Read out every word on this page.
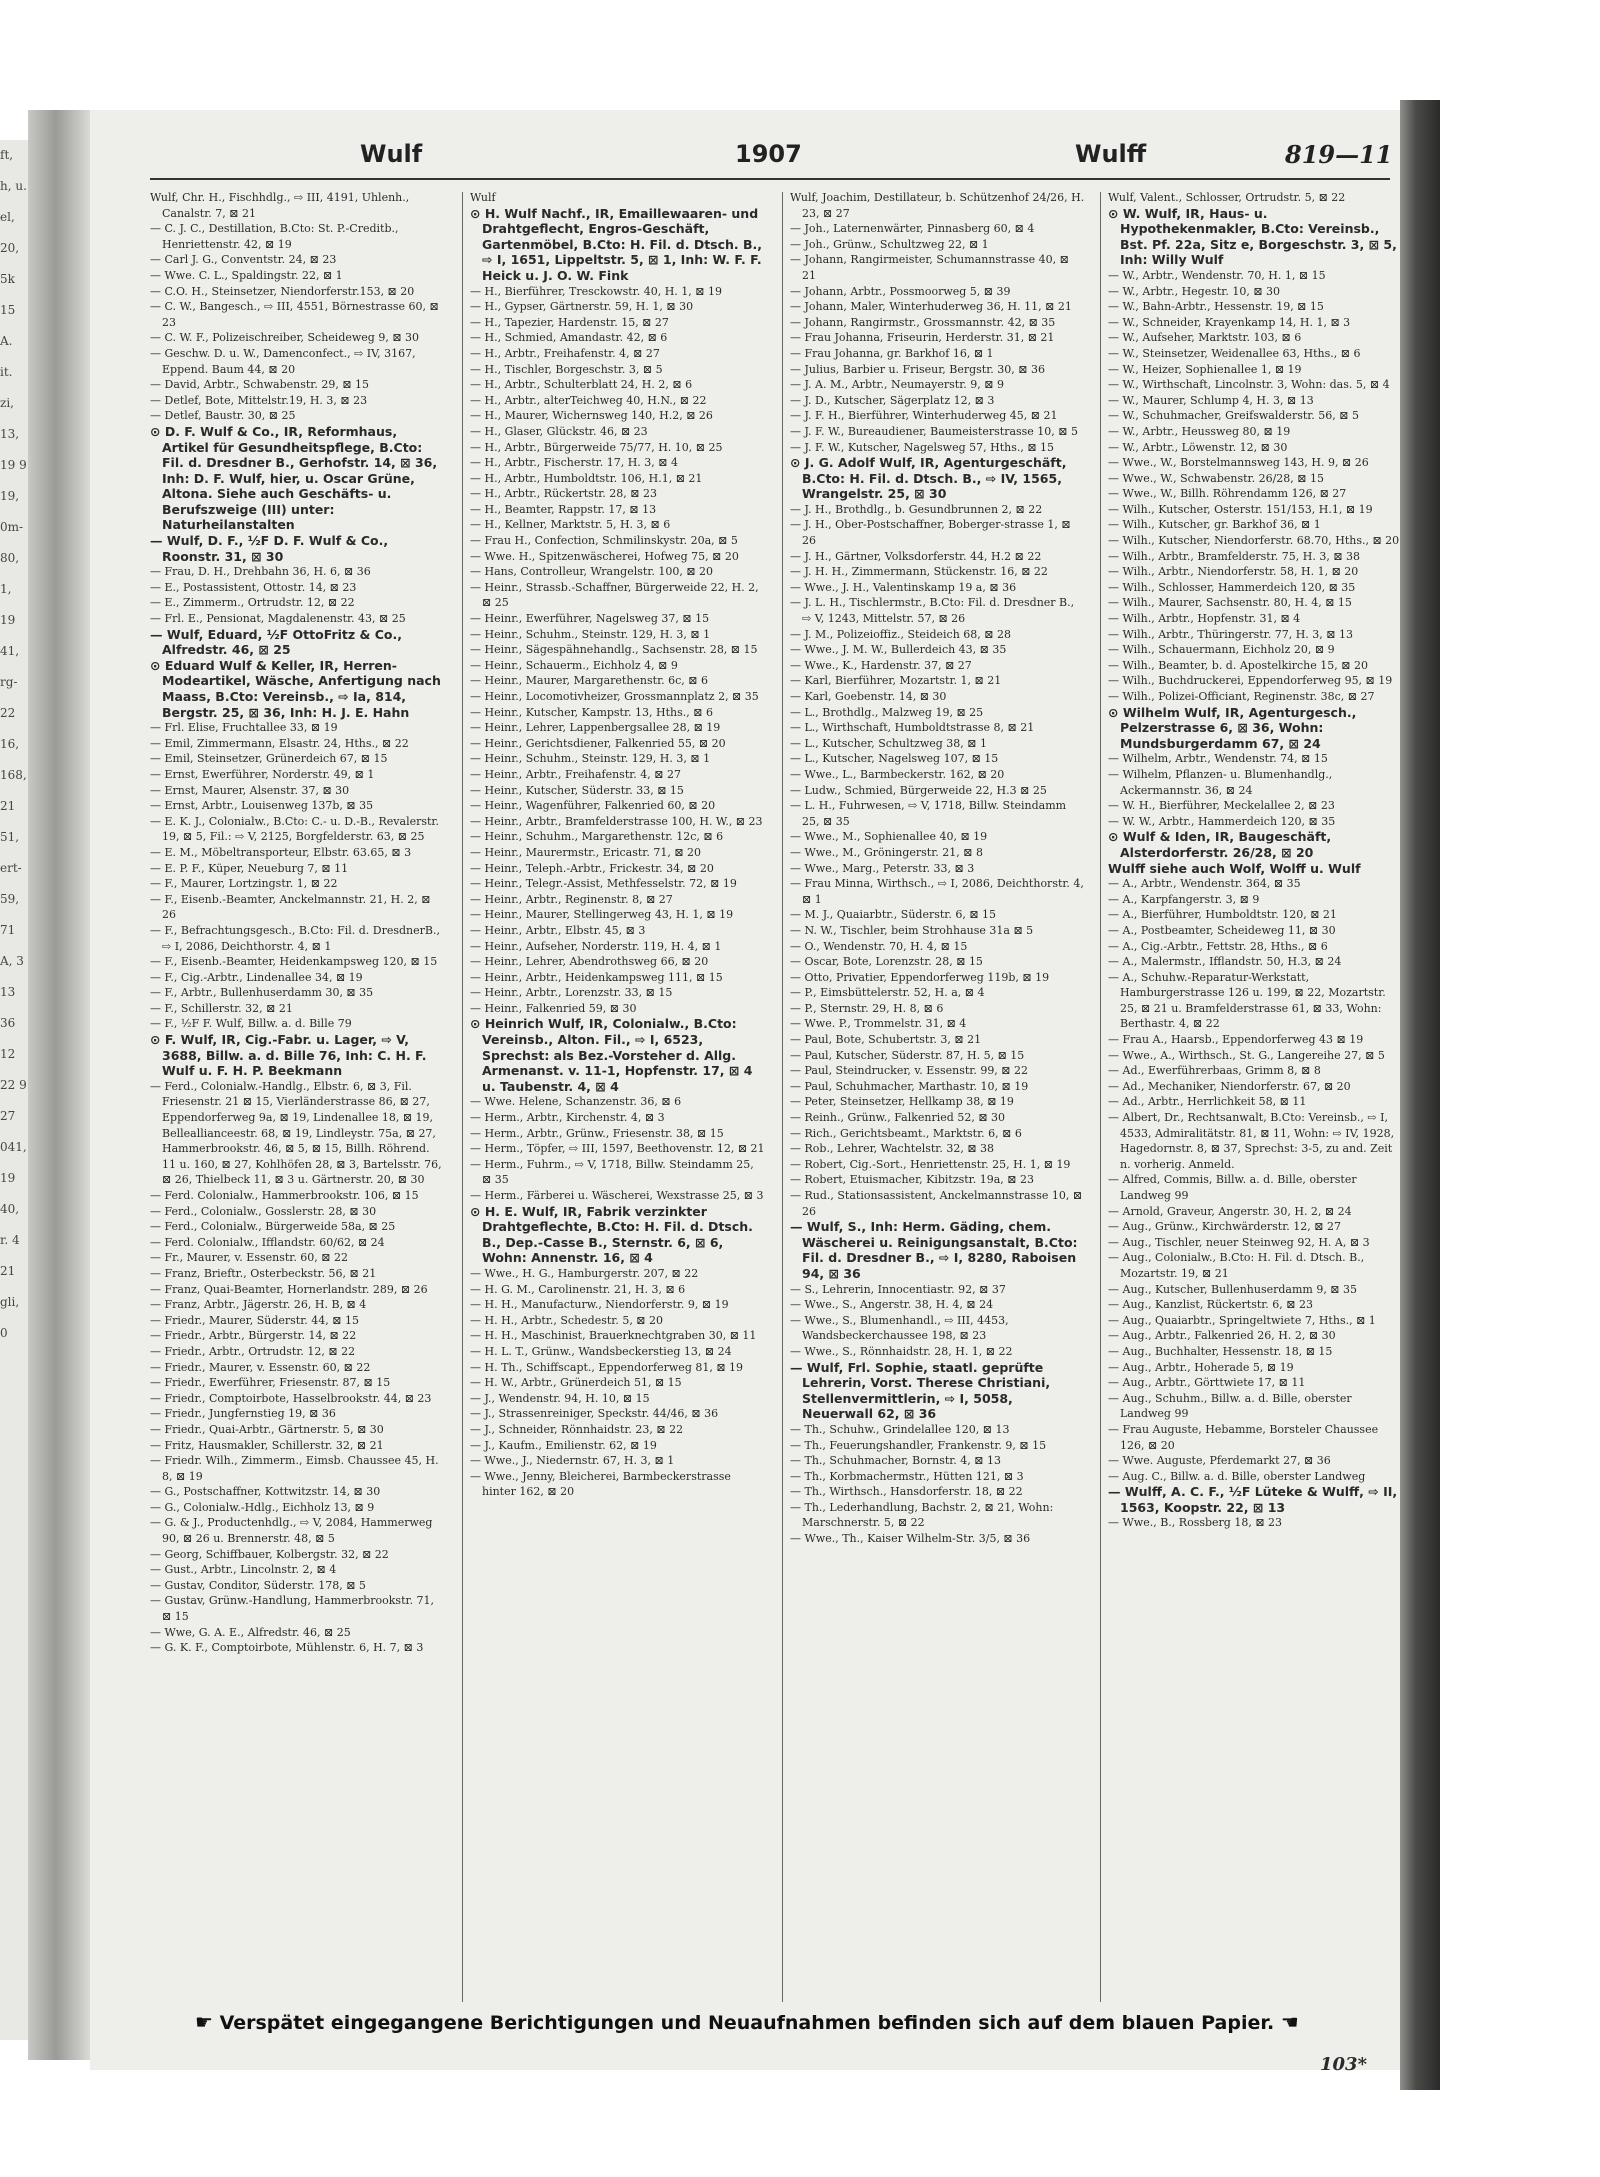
ft, h, u. el, 20, 5k 15 A. it. zi, 13, 19 9 19, 0m- 80, 1, 19 41, rg- 22 16, 168, 21 51, ert- 59, 71 A, 3 13 36 12 22 9 27 041, 19 40, r. 4 21 gli, 0
Wulf	1907	Wulff	819—11

Wulf, Chr. H., Fischhdlg., ⇨ III, 4191, Uhlenh., Canalstr. 7, ⊠ 21

— C. J. C., Destillation, B.Cto: St. P.-Creditb., Henriettenstr. 42, ⊠ 19

— Carl J. G., Conventstr. 24, ⊠ 23

— Wwe. C. L., Spaldingstr. 22, ⊠ 1

— C.O. H., Steinsetzer, Niendorferstr.153, ⊠ 20

— C. W., Bangesch., ⇨ III, 4551, Börnestrasse 60, ⊠ 23

— C. W. F., Polizeischreiber, Scheideweg 9, ⊠ 30

— Geschw. D. u. W., Damenconfect., ⇨ IV, 3167, Eppend. Baum 44, ⊠ 20

— David, Arbtr., Schwabenstr. 29, ⊠ 15

— Detlef, Bote, Mittelstr.19, H. 3, ⊠ 23

— Detlef, Baustr. 30, ⊠ 25

⊙ D. F. Wulf & Co., IR, Reformhaus, Artikel für Gesundheitspflege, B.Cto: Fil. d. Dresdner B., Gerhofstr. 14, ⊠ 36, Inh: D. F. Wulf, hier, u. Oscar Grüne, Altona. Siehe auch Geschäfts- u. Berufszweige (III) unter: Naturheilanstalten

— Wulf, D. F., ½F D. F. Wulf & Co., Roonstr. 31, ⊠ 30

— Frau, D. H., Drehbahn 36, H. 6, ⊠ 36

— E., Postassistent, Ottostr. 14, ⊠ 23

— E., Zimmerm., Ortrudstr. 12, ⊠ 22

— Frl. E., Pensionat, Magdalenenstr. 43, ⊠ 25

— Wulf, Eduard, ½F OttoFritz & Co., Alfredstr. 46, ⊠ 25

⊙ Eduard Wulf & Keller, IR, Herren-Modeartikel, Wäsche, Anfertigung nach Maass, B.Cto: Vereinsb., ⇨ Ia, 814, Bergstr. 25, ⊠ 36, Inh: H. J. E. Hahn

— Frl. Elise, Fruchtallee 33, ⊠ 19

— Emil, Zimmermann, Elsastr. 24, Hths., ⊠ 22

— Emil, Steinsetzer, Grünerdeich 67, ⊠ 15

— Ernst, Ewerführer, Norderstr. 49, ⊠ 1

— Ernst, Maurer, Alsenstr. 37, ⊠ 30

— Ernst, Arbtr., Louisenweg 137b, ⊠ 35

— E. K. J., Colonialw., B.Cto: C.- u. D.-B., Revalerstr. 19, ⊠ 5, Fil.: ⇨ V, 2125, Borgfelderstr. 63, ⊠ 25

— E. M., Möbeltransporteur, Elbstr. 63.65, ⊠ 3

— E. P. F., Küper, Neueburg 7, ⊠ 11

— F., Maurer, Lortzingstr. 1, ⊠ 22

— F., Eisenb.-Beamter, Anckelmannstr. 21, H. 2, ⊠ 26

— F., Befrachtungsgesch., B.Cto: Fil. d. DresdnerB., ⇨ I, 2086, Deichthorstr. 4, ⊠ 1

— F., Eisenb.-Beamter, Heidenkampsweg 120, ⊠ 15

— F., Cig.-Arbtr., Lindenallee 34, ⊠ 19

— F., Arbtr., Bullenhuserdamm 30, ⊠ 35

— F., Schillerstr. 32, ⊠ 21

— F., ½F F. Wulf, Billw. a. d. Bille 79

⊙ F. Wulf, IR, Cig.-Fabr. u. Lager, ⇨ V, 3688, Billw. a. d. Bille 76, Inh: C. H. F. Wulf u. F. H. P. Beekmann

— Ferd., Colonialw.-Handlg., Elbstr. 6, ⊠ 3, Fil. Friesenstr. 21 ⊠ 15, Vierländerstrasse 86, ⊠ 27, Eppendorferweg 9a, ⊠ 19, Lindenallee 18, ⊠ 19, Belleallianceestr. 68, ⊠ 19, Lindleystr. 75a, ⊠ 27, Hammerbrookstr. 46, ⊠ 5, ⊠ 15, Billh. Röhrend. 11 u. 160, ⊠ 27, Kohlhöfen 28, ⊠ 3, Bartelsstr. 76, ⊠ 26, Thielbeck 11, ⊠ 3 u. Gärtnerstr. 20, ⊠ 30

— Ferd. Colonialw., Hammerbrookstr. 106, ⊠ 15

— Ferd., Colonialw., Gosslerstr. 28, ⊠ 30

— Ferd., Colonialw., Bürgerweide 58a, ⊠ 25

— Ferd. Colonialw., Ifflandstr. 60/62, ⊠ 24

— Fr., Maurer, v. Essenstr. 60, ⊠ 22

— Franz, Brieftr., Osterbeckstr. 56, ⊠ 21

— Franz, Quai-Beamter, Hornerlandstr. 289, ⊠ 26

— Franz, Arbtr., Jägerstr. 26, H. B, ⊠ 4

— Friedr., Maurer, Süderstr. 44, ⊠ 15

— Friedr., Arbtr., Bürgerstr. 14, ⊠ 22

— Friedr., Arbtr., Ortrudstr. 12, ⊠ 22

— Friedr., Maurer, v. Essenstr. 60, ⊠ 22

— Friedr., Ewerführer, Friesenstr. 87, ⊠ 15

— Friedr., Comptoirbote, Hasselbrookstr. 44, ⊠ 23

— Friedr., Jungfernstieg 19, ⊠ 36

— Friedr., Quai-Arbtr., Gärtnerstr. 5, ⊠ 30

— Fritz, Hausmakler, Schillerstr. 32, ⊠ 21

— Friedr. Wilh., Zimmerm., Eimsb. Chaussee 45, H. 8, ⊠ 19

— G., Postschaffner, Kottwitzstr. 14, ⊠ 30

— G., Colonialw.-Hdlg., Eichholz 13, ⊠ 9

— G. & J., Productenhdlg., ⇨ V, 2084, Hammerweg 90, ⊠ 26 u. Brennerstr. 48, ⊠ 5

— Georg, Schiffbauer, Kolbergstr. 32, ⊠ 22

— Gust., Arbtr., Lincolnstr. 2, ⊠ 4

— Gustav, Conditor, Süderstr. 178, ⊠ 5

— Gustav, Grünw.-Handlung, Hammerbrookstr. 71, ⊠ 15

— Wwe, G. A. E., Alfredstr. 46, ⊠ 25

— G. K. F., Comptoirbote, Mühlenstr. 6, H. 7, ⊠ 3

Wulf

⊙ H. Wulf Nachf., IR, Emaillewaaren- und Drahtgeflecht, Engros-Geschäft, Gartenmöbel, B.Cto: H. Fil. d. Dtsch. B., ⇨ I, 1651, Lippeltstr. 5, ⊠ 1, Inh: W. F. F. Heick u. J. O. W. Fink

— H., Bierführer, Tresckowstr. 40, H. 1, ⊠ 19

— H., Gypser, Gärtnerstr. 59, H. 1, ⊠ 30

— H., Tapezier, Hardenstr. 15, ⊠ 27

— H., Schmied, Amandastr. 42, ⊠ 6

— H., Arbtr., Freihafenstr. 4, ⊠ 27

— H., Tischler, Borgeschstr. 3, ⊠ 5

— H., Arbtr., Schulterblatt 24, H. 2, ⊠ 6

— H., Arbtr., alterTeichweg 40, H.N., ⊠ 22

— H., Maurer, Wichernsweg 140, H.2, ⊠ 26

— H., Glaser, Glückstr. 46, ⊠ 23

— H., Arbtr., Bürgerweide 75/77, H. 10, ⊠ 25

— H., Arbtr., Fischerstr. 17, H. 3, ⊠ 4

— H., Arbtr., Humboldtstr. 106, H.1, ⊠ 21

— H., Arbtr., Rückertstr. 28, ⊠ 23

— H., Beamter, Rappstr. 17, ⊠ 13

— H., Kellner, Marktstr. 5, H. 3, ⊠ 6

— Frau H., Confection, Schmilinskystr. 20a, ⊠ 5

— Wwe. H., Spitzenwäscherei, Hofweg 75, ⊠ 20

— Hans, Controlleur, Wrangelstr. 100, ⊠ 20

— Heinr., Strassb.-Schaffner, Bürgerweide 22, H. 2, ⊠ 25

— Heinr., Ewerführer, Nagelsweg 37, ⊠ 15

— Heinr., Schuhm., Steinstr. 129, H. 3, ⊠ 1

— Heinr., Sägespähnehandlg., Sachsenstr. 28, ⊠ 15

— Heinr., Schauerm., Eichholz 4, ⊠ 9

— Heinr., Maurer, Margarethenstr. 6c, ⊠ 6

— Heinr., Locomotivheizer, Grossmannplatz 2, ⊠ 35

— Heinr., Kutscher, Kampstr. 13, Hths., ⊠ 6

— Heinr., Lehrer, Lappenbergsallee 28, ⊠ 19

— Heinr., Gerichtsdiener, Falkenried 55, ⊠ 20

— Heinr., Schuhm., Steinstr. 129, H. 3, ⊠ 1

— Heinr., Arbtr., Freihafenstr. 4, ⊠ 27

— Heinr., Kutscher, Süderstr. 33, ⊠ 15

— Heinr., Wagenführer, Falkenried 60, ⊠ 20

— Heinr., Arbtr., Bramfelderstrasse 100, H. W., ⊠ 23

— Heinr., Schuhm., Margarethenstr. 12c, ⊠ 6

— Heinr., Maurermstr., Ericastr. 71, ⊠ 20

— Heinr., Teleph.-Arbtr., Frickestr. 34, ⊠ 20

— Heinr., Telegr.-Assist, Methfesselstr. 72, ⊠ 19

— Heinr., Arbtr., Reginenstr. 8, ⊠ 27

— Heinr., Maurer, Stellingerweg 43, H. 1, ⊠ 19

— Heinr., Arbtr., Elbstr. 45, ⊠ 3

— Heinr., Aufseher, Norderstr. 119, H. 4, ⊠ 1

— Heinr., Lehrer, Abendrothsweg 66, ⊠ 20

— Heinr., Arbtr., Heidenkampsweg 111, ⊠ 15

— Heinr., Arbtr., Lorenzstr. 33, ⊠ 15

— Heinr., Falkenried 59, ⊠ 30

⊙ Heinrich Wulf, IR, Colonialw., B.Cto: Vereinsb., Alton. Fil., ⇨ I, 6523, Sprechst: als Bez.-Vorsteher d. Allg. Armenanst. v. 11-1, Hopfenstr. 17, ⊠ 4 u. Taubenstr. 4, ⊠ 4

— Wwe. Helene, Schanzenstr. 36, ⊠ 6

— Herm., Arbtr., Kirchenstr. 4, ⊠ 3

— Herm., Arbtr., Grünw., Friesenstr. 38, ⊠ 15

— Herm., Töpfer, ⇨ III, 1597, Beethovenstr. 12, ⊠ 21

— Herm., Fuhrm., ⇨ V, 1718, Billw. Steindamm 25, ⊠ 35

— Herm., Färberei u. Wäscherei, Wexstrasse 25, ⊠ 3

⊙ H. E. Wulf, IR, Fabrik verzinkter Drahtgeflechte, B.Cto: H. Fil. d. Dtsch. B., Dep.-Casse B., Sternstr. 6, ⊠ 6, Wohn: Annenstr. 16, ⊠ 4

— Wwe., H. G., Hamburgerstr. 207, ⊠ 22

— H. G. M., Carolinenstr. 21, H. 3, ⊠ 6

— H. H., Manufacturw., Niendorferstr. 9, ⊠ 19

— H. H., Arbtr., Schedestr. 5, ⊠ 20

— H. H., Maschinist, Brauerknechtgraben 30, ⊠ 11

— H. L. T., Grünw., Wandsbeckerstieg 13, ⊠ 24

— H. Th., Schiffscapt., Eppendorferweg 81, ⊠ 19

— H. W., Arbtr., Grünerdeich 51, ⊠ 15

— J., Wendenstr. 94, H. 10, ⊠ 15

— J., Strassenreiniger, Speckstr. 44/46, ⊠ 36

— J., Schneider, Rönnhaidstr. 23, ⊠ 22

— J., Kaufm., Emilienstr. 62, ⊠ 19

— Wwe., J., Niedernstr. 67, H. 3, ⊠ 1

— Wwe., Jenny, Bleicherei, Barmbeckerstrasse hinter 162, ⊠ 20

Wulf, Joachim, Destillateur, b. Schützenhof 24/26, H. 23, ⊠ 27

— Joh., Laternenwärter, Pinnasberg 60, ⊠ 4

— Joh., Grünw., Schultzweg 22, ⊠ 1

— Johann, Rangirmeister, Schumannstrasse 40, ⊠ 21

— Johann, Arbtr., Possmoorweg 5, ⊠ 39

— Johann, Maler, Winterhuderweg 36, H. 11, ⊠ 21

— Johann, Rangirmstr., Grossmannstr. 42, ⊠ 35

— Frau Johanna, Friseurin, Herderstr. 31, ⊠ 21

— Frau Johanna, gr. Barkhof 16, ⊠ 1

— Julius, Barbier u. Friseur, Bergstr. 30, ⊠ 36

— J. A. M., Arbtr., Neumayerstr. 9, ⊠ 9

— J. D., Kutscher, Sägerplatz 12, ⊠ 3

— J. F. H., Bierführer, Winterhuderweg 45, ⊠ 21

— J. F. W., Bureaudiener, Baumeisterstrasse 10, ⊠ 5

— J. F. W., Kutscher, Nagelsweg 57, Hths., ⊠ 15

⊙ J. G. Adolf Wulf, IR, Agenturgeschäft, B.Cto: H. Fil. d. Dtsch. B., ⇨ IV, 1565, Wrangelstr. 25, ⊠ 30

— J. H., Brothdlg., b. Gesundbrunnen 2, ⊠ 22

— J. H., Ober-Postschaffner, Boberger-strasse 1, ⊠ 26

— J. H., Gärtner, Volksdorferstr. 44, H.2 ⊠ 22

— J. H. H., Zimmermann, Stückenstr. 16, ⊠ 22

— Wwe., J. H., Valentinskamp 19 a, ⊠ 36

— J. L. H., Tischlermstr., B.Cto: Fil. d. Dresdner B., ⇨ V, 1243, Mittelstr. 57, ⊠ 26

— J. M., Polizeioffiz., Steideich 68, ⊠ 28

— Wwe., J. M. W., Bullerdeich 43, ⊠ 35

— Wwe., K., Hardenstr. 37, ⊠ 27

— Karl, Bierführer, Mozartstr. 1, ⊠ 21

— Karl, Goebenstr. 14, ⊠ 30

— L., Brothdlg., Malzweg 19, ⊠ 25

— L., Wirthschaft, Humboldtstrasse 8, ⊠ 21

— L., Kutscher, Schultzweg 38, ⊠ 1

— L., Kutscher, Nagelsweg 107, ⊠ 15

— Wwe., L., Barmbeckerstr. 162, ⊠ 20

— Ludw., Schmied, Bürgerweide 22, H.3 ⊠ 25

— L. H., Fuhrwesen, ⇨ V, 1718, Billw. Steindamm 25, ⊠ 35

— Wwe., M., Sophienallee 40, ⊠ 19

— Wwe., M., Gröningerstr. 21, ⊠ 8

— Wwe., Marg., Peterstr. 33, ⊠ 3

— Frau Minna, Wirthsch., ⇨ I, 2086, Deichthorstr. 4, ⊠ 1

— M. J., Quaiarbtr., Süderstr. 6, ⊠ 15

— N. W., Tischler, beim Strohhause 31a ⊠ 5

— O., Wendenstr. 70, H. 4, ⊠ 15

— Oscar, Bote, Lorenzstr. 28, ⊠ 15

— Otto, Privatier, Eppendorferweg 119b, ⊠ 19

— P., Eimsbüttelerstr. 52, H. a, ⊠ 4

— P., Sternstr. 29, H. 8, ⊠ 6

— Wwe. P., Trommelstr. 31, ⊠ 4

— Paul, Bote, Schubertstr. 3, ⊠ 21

— Paul, Kutscher, Süderstr. 87, H. 5, ⊠ 15

— Paul, Steindrucker, v. Essenstr. 99, ⊠ 22

— Paul, Schuhmacher, Marthastr. 10, ⊠ 19

— Peter, Steinsetzer, Hellkamp 38, ⊠ 19

— Reinh., Grünw., Falkenried 52, ⊠ 30

— Rich., Gerichtsbeamt., Marktstr. 6, ⊠ 6

— Rob., Lehrer, Wachtelstr. 32, ⊠ 38

— Robert, Cig.-Sort., Henriettenstr. 25, H. 1, ⊠ 19

— Robert, Etuismacher, Kibitzstr. 19a, ⊠ 23

— Rud., Stationsassistent, Anckelmannstrasse 10, ⊠ 26

— Wulf, S., Inh: Herm. Gäding, chem. Wäscherei u. Reinigungsanstalt, B.Cto: Fil. d. Dresdner B., ⇨ I, 8280, Raboisen 94, ⊠ 36

— S., Lehrerin, Innocentiastr. 92, ⊠ 37

— Wwe., S., Angerstr. 38, H. 4, ⊠ 24

— Wwe., S., Blumenhandl., ⇨ III, 4453, Wandsbeckerchaussee 198, ⊠ 23

— Wwe., S., Rönnhaidstr. 28, H. 1, ⊠ 22

— Wulf, Frl. Sophie, staatl. geprüfte Lehrerin, Vorst. Therese Christiani, Stellenvermittlerin, ⇨ I, 5058, Neuerwall 62, ⊠ 36

— Th., Schuhw., Grindelallee 120, ⊠ 13

— Th., Feuerungshandler, Frankenstr. 9, ⊠ 15

— Th., Schuhmacher, Bornstr. 4, ⊠ 13

— Th., Korbmachermstr., Hütten 121, ⊠ 3

— Th., Wirthsch., Hansdorferstr. 18, ⊠ 22

— Th., Lederhandlung, Bachstr. 2, ⊠ 21, Wohn: Marschnerstr. 5, ⊠ 22

— Wwe., Th., Kaiser Wilhelm-Str. 3/5, ⊠ 36

Wulf, Valent., Schlosser, Ortrudstr. 5, ⊠ 22

⊙ W. Wulf, IR, Haus- u. Hypothekenmakler, B.Cto: Vereinsb., Bst. Pf. 22a, Sitz e, Borgeschstr. 3, ⊠ 5, Inh: Willy Wulf

— W., Arbtr., Wendenstr. 70, H. 1, ⊠ 15

— W., Arbtr., Hegestr. 10, ⊠ 30

— W., Bahn-Arbtr., Hessenstr. 19, ⊠ 15

— W., Schneider, Krayenkamp 14, H. 1, ⊠ 3

— W., Aufseher, Marktstr. 103, ⊠ 6

— W., Steinsetzer, Weidenallee 63, Hths., ⊠ 6

— W., Heizer, Sophienallee 1, ⊠ 19

— W., Wirthschaft, Lincolnstr. 3, Wohn: das. 5, ⊠ 4

— W., Maurer, Schlump 4, H. 3, ⊠ 13

— W., Schuhmacher, Greifswalderstr. 56, ⊠ 5

— W., Arbtr., Heussweg 80, ⊠ 19

— W., Arbtr., Löwenstr. 12, ⊠ 30

— Wwe., W., Borstelmannsweg 143, H. 9, ⊠ 26

— Wwe., W., Schwabenstr. 26/28, ⊠ 15

— Wwe., W., Billh. Röhrendamm 126, ⊠ 27

— Wilh., Kutscher, Osterstr. 151/153, H.1, ⊠ 19

— Wilh., Kutscher, gr. Barkhof 36, ⊠ 1

— Wilh., Kutscher, Niendorferstr. 68.70, Hths., ⊠ 20

— Wilh., Arbtr., Bramfelderstr. 75, H. 3, ⊠ 38

— Wilh., Arbtr., Niendorferstr. 58, H. 1, ⊠ 20

— Wilh., Schlosser, Hammerdeich 120, ⊠ 35

— Wilh., Maurer, Sachsenstr. 80, H. 4, ⊠ 15

— Wilh., Arbtr., Hopfenstr. 31, ⊠ 4

— Wilh., Arbtr., Thüringerstr. 77, H. 3, ⊠ 13

— Wilh., Schauermann, Eichholz 20, ⊠ 9

— Wilh., Beamter, b. d. Apostelkirche 15, ⊠ 20

— Wilh., Buchdruckerei, Eppendorferweg 95, ⊠ 19

— Wilh., Polizei-Officiant, Reginenstr. 38c, ⊠ 27

⊙ Wilhelm Wulf, IR, Agenturgesch., Pelzerstrasse 6, ⊠ 36, Wohn: Mundsburgerdamm 67, ⊠ 24

— Wilhelm, Arbtr., Wendenstr. 74, ⊠ 15

— Wilhelm, Pflanzen- u. Blumenhandlg., Ackermannstr. 36, ⊠ 24

— W. H., Bierführer, Meckelallee 2, ⊠ 23

— W. W., Arbtr., Hammerdeich 120, ⊠ 35

⊙ Wulf & Iden, IR, Baugeschäft, Alsterdorferstr. 26/28, ⊠ 20

Wulff siehe auch Wolf, Wolff u. Wulf

— A., Arbtr., Wendenstr. 364, ⊠ 35

— A., Karpfangerstr. 3, ⊠ 9

— A., Bierführer, Humboldtstr. 120, ⊠ 21

— A., Postbeamter, Scheideweg 11, ⊠ 30

— A., Cig.-Arbtr., Fettstr. 28, Hths., ⊠ 6

— A., Malermstr., Ifflandstr. 50, H.3, ⊠ 24

— A., Schuhw.-Reparatur-Werkstatt, Hamburgerstrasse 126 u. 199, ⊠ 22, Mozartstr. 25, ⊠ 21 u. Bramfelderstrasse 61, ⊠ 33, Wohn: Berthastr. 4, ⊠ 22

— Frau A., Haarsb., Eppendorferweg 43 ⊠ 19

— Wwe., A., Wirthsch., St. G., Langereihe 27, ⊠ 5

— Ad., Ewerführerbaas, Grimm 8, ⊠ 8

— Ad., Mechaniker, Niendorferstr. 67, ⊠ 20

— Ad., Arbtr., Herrlichkeit 58, ⊠ 11

— Albert, Dr., Rechtsanwalt, B.Cto: Vereinsb., ⇨ I, 4533, Admiralitätstr. 81, ⊠ 11, Wohn: ⇨ IV, 1928, Hagedornstr. 8, ⊠ 37, Sprechst: 3-5, zu and. Zeit n. vorherig. Anmeld.

— Alfred, Commis, Billw. a. d. Bille, oberster Landweg 99

— Arnold, Graveur, Angerstr. 30, H. 2, ⊠ 24

— Aug., Grünw., Kirchwärderstr. 12, ⊠ 27

— Aug., Tischler, neuer Steinweg 92, H. A, ⊠ 3

— Aug., Colonialw., B.Cto: H. Fil. d. Dtsch. B., Mozartstr. 19, ⊠ 21

— Aug., Kutscher, Bullenhuserdamm 9, ⊠ 35

— Aug., Kanzlist, Rückertstr. 6, ⊠ 23

— Aug., Quaiarbtr., Springeltwiete 7, Hths., ⊠ 1

— Aug., Arbtr., Falkenried 26, H. 2, ⊠ 30

— Aug., Buchhalter, Hessenstr. 18, ⊠ 15

— Aug., Arbtr., Hoherade 5, ⊠ 19

— Aug., Arbtr., Görttwiete 17, ⊠ 11

— Aug., Schuhm., Billw. a. d. Bille, oberster Landweg 99

— Frau Auguste, Hebamme, Borsteler Chaussee 126, ⊠ 20

— Wwe. Auguste, Pferdemarkt 27, ⊠ 36

— Aug. C., Billw. a. d. Bille, oberster Landweg

— Wulff, A. C. F., ½F Lüteke & Wulff, ⇨ II, 1563, Koopstr. 22, ⊠ 13

— Wwe., B., Rossberg 18, ⊠ 23

☛ Verspätet eingegangene Berichtigungen und Neuaufnahmen befinden sich auf dem blauen Papier. ☚
103*
